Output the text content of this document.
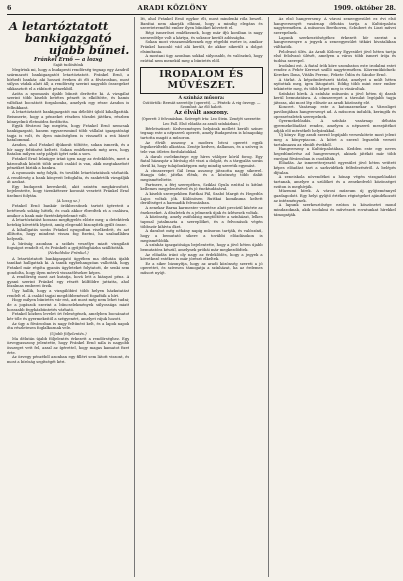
6	ARADI KÖZLÖNY	1909. október 28.
A letartóztatott
bankigazgató
ujabb bűnei.
Fránkel Ernő — a lozsg
Saját tudósítónk

Megírtuk mi, hogy a budapesti rendőrség tegnap egy Aradról származott bankigazgatót letartóztatott. Fránkel Ernő, a hírhedt bankár, aki hosszú éveken át élt a fővárosban, most súlyos vádak alatt áll; a rendőrség szerint nagyobb összegeket sikkasztott el a rábízott pénzekből.

Azóta a nyomozás újabb bűneit derítette ki. A vizsgálat szerint több kisebb betétes pénzét is elköltötte, és hamis váltókat bocsátott forgalomba, amelyek egy része Aradon is felbukkant.

A letartóztatott bankigazgatót ma délelőtt újból kihallgatták. Beismerte, hogy a pénzeket részben tőzsdei játékra, részben könnyelmű életmódra fordította.

Egyik fővárosi lap megírta, hogy Fránkel Ernő nemcsak bankigazgató, hanem egyszersmind több vállalat igazgatósági tagja is volt, és ilyen minőségben is visszaélt a reá bízott hatalommal.

Aradon, ahol Fránkel ifjúkorát töltötte, sokan ismerik, és a hír nagy feltűnést keltett. Sokan emlékeznek még arra, hogy fiatalon milyen szép pályát ígért neki a sors.

Fránkel Ernő bűnügye iránt igen nagy az érdeklődés, mert a károsultak között több aradi család is van, akik megtakarított pénzüket bízták a bankra.

A nyomozás még folyik, és további letartóztatások várhatók. A rendőrség a bank könyveit lefoglalta, és szakértők vizsgálják át azokat.

Egy budapesti kereskedő, akit szintén megkárosított, bejelentette, hogy tizenkétezer koronát vesztett Fránkel Ernő üzelmei folytán.

(A lozsg sz.)

Fránkel Ernő bankár örökbecsűnek tartott ígéreteit a betétesek sokáig hitték, és csak akkor ébredtek rá a csalásra, amikor a bank már fizetésképtelenné vált.

A letartóztatást hosszas megfigyelés előzte meg; a detektívek hetekig követték lépteit, amíg elegendő bizonyíték gyűlt össze.

A kihallgatás során Fránkel nyugodtan viselkedett, és azt állította, hogy mindent vissza fog fizetni, ha szabadlábra helyezik.

A bíróság azonban a szökés veszélye miatt vizsgálati fogságot rendelt el, és Fránkelt a gyűjtőfogházba szállították.

(Nebeldsbe Fránkel.)

A letartóztatott bankigazgató ügyében ma délután újabb tanúkat hallgattak ki. A tanúk egybehangzóan vallották, hogy Fránkel már régóta gyanús ügyleteket folytatott, de senki sem gondolta, hogy ilyen mérvű visszaélésekre képes.

A rendőrség most azt kutatja, hová lett a hiányzó pénz. A gyanú szerint Fránkel egy részét külföldre juttatta, ahol bizalmas emberei őrzik.

Úgy hallik, hogy a vizsgálóbíró több helyen házkutatást rendelt el. A család tagjai megdöbbenéssel fogadták a hírt.

Hogy milyen büntetés vár reá, azt most még nem lehet tudni; de a jogászok szerint a bűncselekmények súlyossága miatt hosszabb fegyházbüntetés várható.

Fránkel közben levelet írt feleségének, amelyben bocsánatot kér tőle és gyermekeitől a szégyenért, amelyet rájuk hozott.

Az ügy a fővárosban is nagy feltűnést kelt, és a lapok napok óta részletesen foglalkoznak vele.

(Ujabb följelentés.)

Ma délután újabb följelentés érkezett a rendőrséghez. Egy özvegyasszony jelentette, hogy Fránkel Ernő nála is nagyobb összeget vett fel, azzal az ígérettel, hogy magas kamatot fizet érte.

Az özvegy pénzéből azonban egy fillért sem látott viszont, és most a bíróság segítségét kéri.

Itt, ahol Fránkel Ernő egykor élt, most mindenki róla beszél. Barátai nem akarják elhinni, hogy a mindig elegáns és szeretetreméltó ember ilyen bűnöket követett el.

Régi ismerősei emlékeznek, hogy már ifjú korában is nagy szenvedélye volt a kártya, és sokszor került adósságba.

Sokan most visszaemlékeznek egy régebbi esetre is, amikor Fránkel hasonló vád alá került, de akkor sikerült a dolgot elsimítania.

A mostani ügy azonban sokkal súlyosabb, és valószínű, hogy ezúttal nem menekül meg a büntetés elől.

IRODALOM ÉS MŰVÉSZET.
A színház műsora:
Csütörtök: Bernát szeretője (operett). — Péntek: A vig özvegy. — Szombat: Az élő halott.
Az élvált asszony.
(Operett 3 felvonásban. Szövegét írta: Leo Stein. Zenéjét szerzette: Leo Fall. Első előadás az aradi színházban.)

Bérletszünet: Kedvezményes helyárak mellett került színre tegnap este a népszerű operett, amely Budapesten is hónapokig tartotta magát a műsoron.

Az élvált asszony a modern bécsi operett egyik legsikerültebb alkotása. Zenéje kedves, dallamos, és a szöveg is tele van ötletes fordulatokkal.

A darab cselekménye egy híres válóper körül forog. Egy fiatal házaspár a bíróság elé viszi a dolgát, és a tárgyalás során derül ki, hogy tulajdonképpen még mindig szeretik egymást.

A címszerepet Gál Irma asszony játszotta nagy sikerrel. Hangja üde, játéka élénk, és a közönség több dalát megismételtette.

Partnere, a férj szerepében, Sziklai Gyula ezúttal is kitűnt kellemes megjelenésével és jó énektudásával.

A kisebb szerepekben Ruttkai Pál, Szabó Margit és Hegedűs Lajos voltak jók. Különösen Ruttkai komikuma keltett derültséget a harmadik felvonásban.

A zenekar Barna karmester vezetése alatt precízül kísérte az énekeseket. A díszletek és a jelmezek újak és ízlésesek voltak.

A közönség, amely zsúfolásig megtöltötte a színházat, lelkes tapssal jutalmazta a szereplőket, és a felvonások végén többször kihívta őket.

A darabot még néhány napig műsoron tartják, és valószínű, hogy a bemutató sikere a további előadásokon is megismétlődik.

A színház igazgatósága bejelentette, hogy a jövő héten újabb bemutatóra készül, amelynek próbái már megkezdődtek.

Az előadás iránt oly nagy az érdeklődés, hogy a jegyek a következő estékre is már jórészt elkeltek.

Ez a siker bizonyítja, hogy az aradi közönség szereti a jó operettet, és szívesen támogatja a színházat, ha az érdemes műsort nyújt.

Az első hangverseny. A városi zeneegyesület ez évi első hangversenyét vasárnap délután tartja a Kultúrpalota nagytermében. A műsoron Beethoven, Schubert és Liszt művei szerepelnek.

Lapunk szerkesztőségéhez érkezett hír szerint a hangversenyre a jegyek a zeneegyesület titkári hivatalában válthatók.

Felolvasó ülés. Az Aradi Kölcsey Egyesület jövő héten tartja első felolvasó ülését, amelyen a város több ismert írója és tudósa szerepel.

Irodalmi est. A fiatal írók köre szombaton este irodalmi estet rendez a Fehér Kereszt szálló nagytermében. Közreműködnek: Kerekes Ilona, Vitális Ferenc, Fekete Ödön és Sándor Ernő.

A tárlat. A képzőművészeti tárlat, amelyet a múlt héten nyitottak meg, igen látogatott. Eddig több mint ezer ember tekintette meg, és több képet meg is vásároltak.

Színházi hírek. A színház műsorán a jövő héten új darab kerül bemutatásra. A címszerepet a társulat legújabb tagja játssza, aki most lép először az aradi közönség elé.

Koncert. Vasárnap este a katonazenekar a Városliget pavilonjában hangversenyt ad. A műsoron indulók, keringők és operarészletek szerepelnek.

Gyermekelőadás. A színház vasárnap délután gyermekelőadást rendez, amelyen a népszerű mesejátékot adják elő mérsékelt helyárakkal.

Új könyv. Egy aradi szerző legújabb verseskötete most jelent meg a könyvpiacon. A kötet a szerző legszebb verseit tartalmazza az elmúlt évekből.

Hangverseny a Kultúrpalotában. Kedden este egy neves hegedűművész ad hangversenyt, akinek játékát már több európai fővárosban is csodálták.

Előadás. Az ismeretterjesztő egyesület jövő héten vetített képes előadást tart a sarkvidékek felfedezéséről. A belépés díjtalan.

A zeneiskola növendékei a hónap végén vizsgaelőadást tartanak, amelyre a szülőket és a zenekedvelő közönséget ezúton is meghívják.

Múzeumi hírek. A városi múzeum új gyűjteménnyel gazdagodott. Egy helyi gyűjtő értékes régiségeket ajándékozott az intézménynek.

A lapunk szerkesztősége ezúton is köszönetet mond mindazoknak, akik irodalmi és művészeti rovatunkat hírekkel támogatják.
